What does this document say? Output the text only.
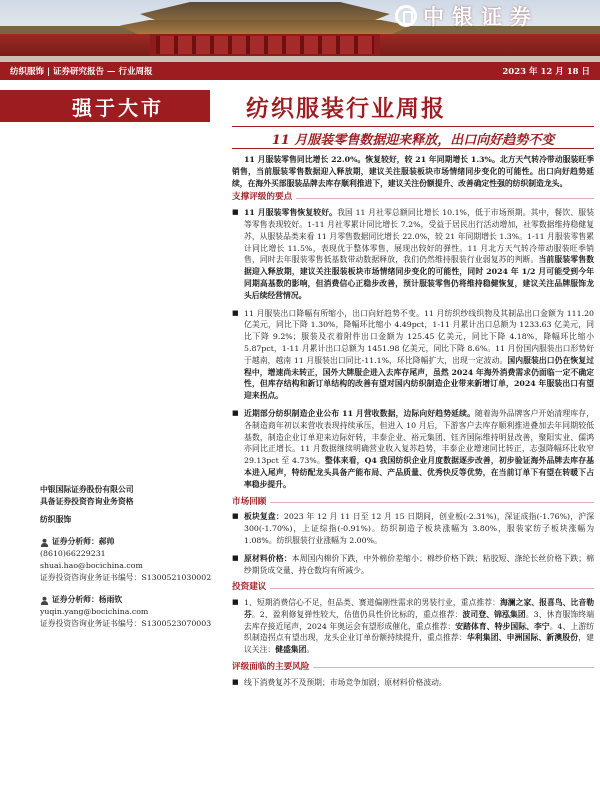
中银证券
纺织服饰 | 证券研究报告 — 行业周报	2023 年 12 月 18 日
强于大市	纺织服装行业周报
11 月服装零售数据迎来释放，出口向好趋势不变

11 月服装零售同比增长 22.0%。恢复较好，较 21 年同期增长 1.3%。北方天气转冷带动服装旺季销售，当前服装零售数据迎入释放期，建议关注服装板块市场情绪同步变化的可能性。出口向好趋势延续，在海外买部服装品牌去库存顺利推进下，建议关注份额提升、改善确定性强的纺织制造龙头。

支撑评级的要点
■ 11 月服装零售恢复较好。我国 11 月社零总额同比增长 10.1%，低于市场预期。其中，餐饮、服装等零售表现较好。1-11 月社零累计同比增长 7.2%，受益于居民出行活动增加，社零数据维持稳健复苏，从服装品类来看 11 月零售数据同比增长 22.0%，较 21 年同期增长 1.3%。1-11 月服装零售累计同比增长 11.5%，表现优于整体零售，展现出较好的弹性。11 月北方天气转冷带动服装旺季销售，同时去年服装零售低基数带动数据释放，我们仍然维持服装行业弱复苏的判断。当前服装零售数据迎入释放期，建议关注服装板块市场情绪同步变化的可能性，同时 2024 年 1/2 月可能受到今年同期高基数的影响，但消费信心正稳步改善，预计服装零售仍将维持稳健恢复，建议关注品牌服饰龙头后续经营情况。

■ 11 月服装出口降幅有所缩小，出口向好趋势不变。11 月纺织纱线织物及其制品出口金额为 111.20 亿美元，同比下降 1.30%，降幅环比缩小 4.49pct，1-11 月累计出口总额为 1233.63 亿美元，同比下降 9.2%；服装及衣着附件出口金额为 125.45 亿美元，同比下降 4.18%，降幅环比缩小 5.87pct，1-11 月累计出口总额为 1451.98 亿美元，同比下降 8.6%。11 月份国内服装出口形势好于越南，越南 11 月服装出口同比-11.1%，环比降幅扩大，出现一定波动。国内服装出口仍在恢复过程中，增速尚未转正，国外大牌服企进入去库存尾声，虽然 2024 年海外消费需求仍面临一定不确定性，但库存结构和新订单结构的改善有望对国内纺织制造企业带来新增订单，2024 年服装出口有望迎来拐点。

■ 近期部分纺织制造企业公布 11 月营收数据，边际向好趋势延续。随着海外品牌客户开始清理库存，各制造商年初以来营收表现持续承压，但进入 10 月后，下游客户去库存顺利推进叠加去年同期较低基数，制造企业订单迎来边际好转，丰泰企业、裕元集团、钰齐国际维持明显改善，聚阳实业、儒鸿亦同比正增长。11 月数据继续明确营业收入复苏趋势，丰泰企业增速同比转正，志强降幅环比收窄 29.13pct 至 4.73%。整体来看，Q4 我国纺织企业月度数据逐步改善，初步验证海外品牌去库存基本进入尾声，特纺配龙头具备产能布局、产品质量、优秀快反等优势，在当前订单下有望在转暖下占率稳步提升。

市场回顾
■ 板块复盘：2023 年 12 月 11 日至 12 月 15 日期间，创业板(-2.31%)，深证成指(-1.76%)，沪深 300(-1.70%)，上证综指(-0.91%)。纺织制造子板块涨幅为 3.80%，服装家纺子板块涨幅为 1.08%。纺织服装行业涨幅为 2.00%。

■ 原材料价格：本周国内棉价下跌，中外棉价差缩小；棉纱价格下跌；粘胶短、涤纶长丝价格下跌；棉纱期货成交量、持仓数均有所减少。

投资建议
■ 1、短期消费信心不足，但品类、赛道偏刚性需求的男装行业，重点推荐：海澜之家、报喜鸟、比音勒芬。2、盈利修复弹性较大，估值仍具性价比标的，重点推荐：波司登、锦泓集团。3、休育服饰终端去库存接近尾声，2024 年奥运会有望形成催化，重点推荐：安踏体育、特步国际、李宁。4、上游纺织制造拐点有望出现，龙头企业订单份额持续提升，重点推荐：华利集团、申洲国际、新澳股份，建议关注：健盛集团。

评级面临的主要风险
■ 线下消费复苏不及预期；市场竞争加剧；原材料价格波动。

中银国际证券股份有限公司
具备证券投资咨询业务资格
纺织服饰
证券分析师：郝帅
(8610)66229231
shuai.hao@bocichina.com
证券投资咨询业务证书编号：S1300521030002
证券分析师：杨雨钦
yuqin.yang@bocichina.com
证券投资咨询业务证书编号：S1300523070003
